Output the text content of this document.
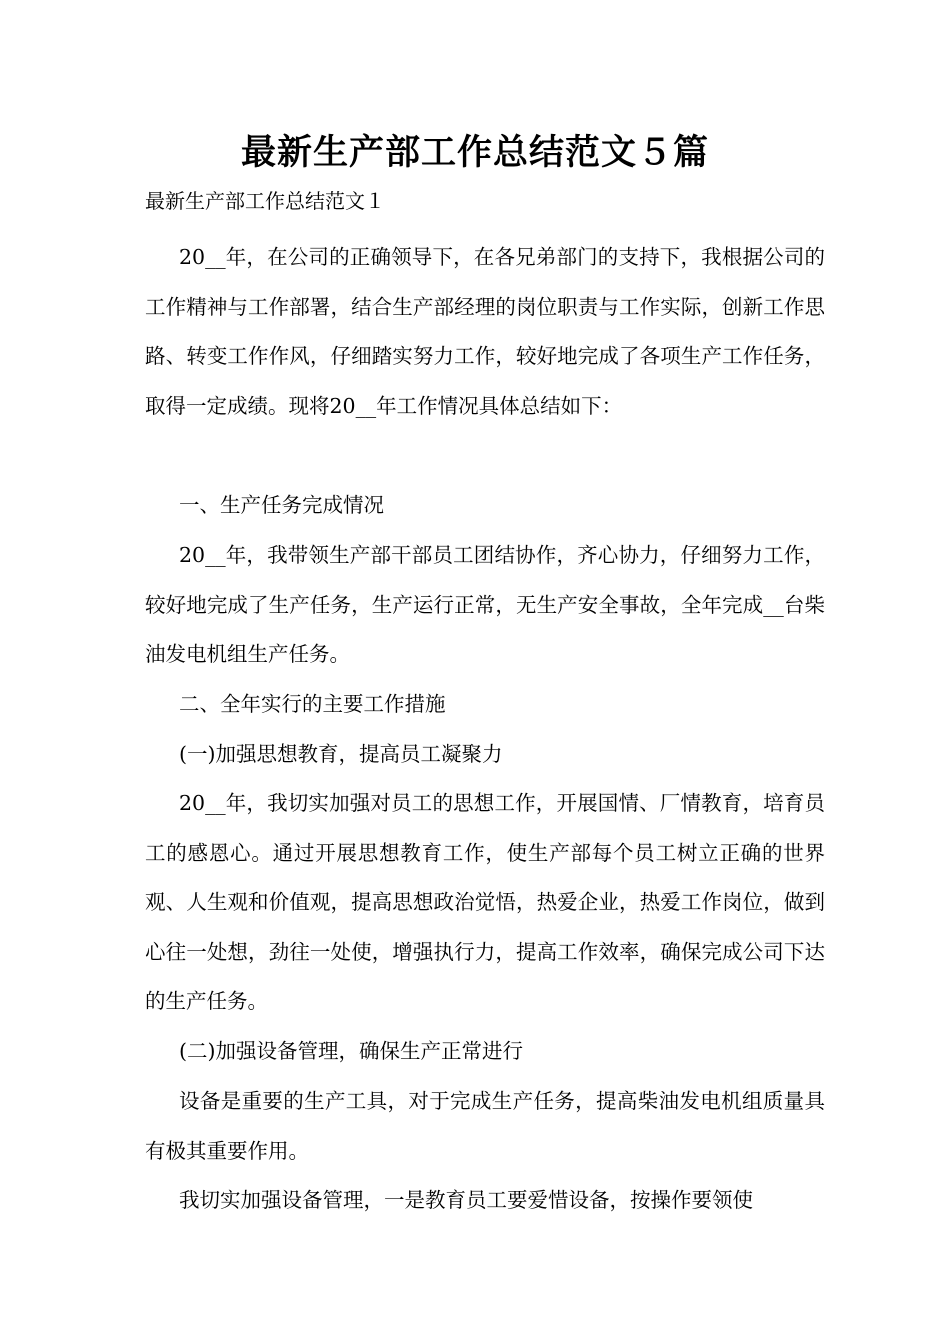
最新生产部工作总结范文５篇

最新生产部工作总结范文１

20__年，在公司的正确领导下，在各兄弟部门的支持下，我根据公司的工作精神与工作部署，结合生产部经理的岗位职责与工作实际，创新工作思路、转变工作作风，仔细踏实努力工作，较好地完成了各项生产工作任务，取得一定成绩。现将20__年工作情况具体总结如下：

一、生产任务完成情况

20__年，我带领生产部干部员工团结协作，齐心协力，仔细努力工作，较好地完成了生产任务，生产运行正常，无生产安全事故，全年完成__台柴油发电机组生产任务。

二、全年实行的主要工作措施

(一)加强思想教育，提高员工凝聚力

20__年，我切实加强对员工的思想工作，开展国情、厂情教育，培育员工的感恩心。通过开展思想教育工作，使生产部每个员工树立正确的世界观、人生观和价值观，提高思想政治觉悟，热爱企业，热爱工作岗位，做到心往一处想，劲往一处使，增强执行力，提高工作效率，确保完成公司下达的生产任务。

(二)加强设备管理，确保生产正常进行

设备是重要的生产工具，对于完成生产任务，提高柴油发电机组质量具有极其重要作用。

我切实加强设备管理，一是教育员工要爱惜设备，按操作要领使
